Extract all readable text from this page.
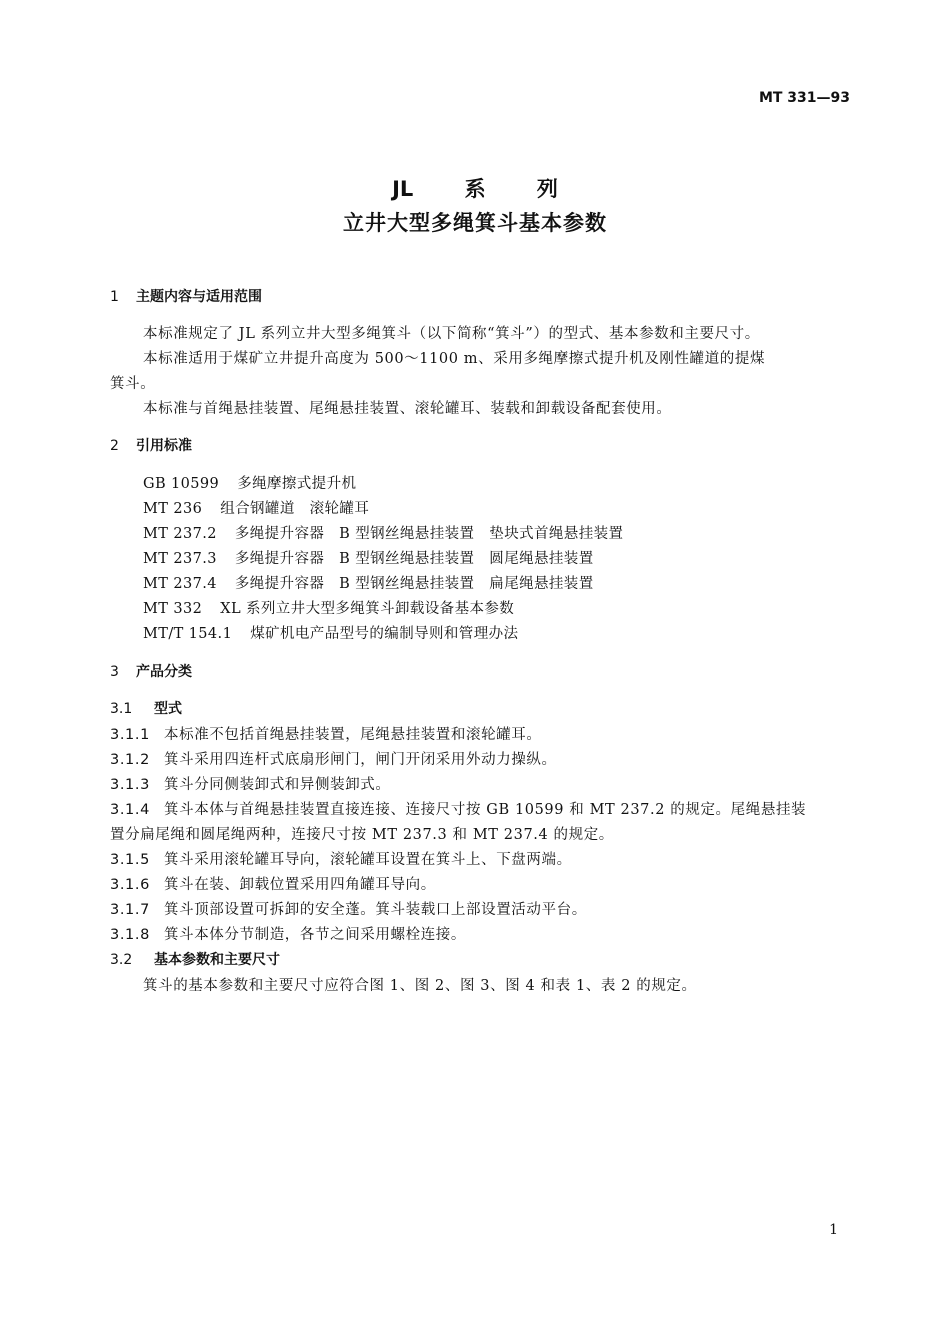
MT 331—93
JL 系 列
立井大型多绳箕斗基本参数
1 主题内容与适用范围
本标准规定了 JL 系列立井大型多绳箕斗（以下简称“箕斗”）的型式、基本参数和主要尺寸。
本标准适用于煤矿立井提升高度为 500～1100 m、采用多绳摩擦式提升机及刚性罐道的提煤
箕斗。
本标准与首绳悬挂装置、尾绳悬挂装置、滚轮罐耳、装载和卸载设备配套使用。
2 引用标准
GB 10599 多绳摩擦式提升机
MT 236 组合钢罐道　滚轮罐耳
MT 237.2 多绳提升容器　B 型钢丝绳悬挂装置　垫块式首绳悬挂装置
MT 237.3 多绳提升容器　B 型钢丝绳悬挂装置　圆尾绳悬挂装置
MT 237.4 多绳提升容器　B 型钢丝绳悬挂装置　扁尾绳悬挂装置
MT 332 XL 系列立井大型多绳箕斗卸载设备基本参数
MT/T 154.1 煤矿机电产品型号的编制导则和管理办法
3 产品分类
3.1 型式
3.1.1 本标准不包括首绳悬挂装置，尾绳悬挂装置和滚轮罐耳。
3.1.2 箕斗采用四连杆式底扇形闸门，闸门开闭采用外动力操纵。
3.1.3 箕斗分同侧装卸式和异侧装卸式。
3.1.4 箕斗本体与首绳悬挂装置直接连接、连接尺寸按 GB 10599 和 MT 237.2 的规定。尾绳悬挂装
置分扁尾绳和圆尾绳两种，连接尺寸按 MT 237.3 和 MT 237.4 的规定。
3.1.5 箕斗采用滚轮罐耳导向，滚轮罐耳设置在箕斗上、下盘两端。
3.1.6 箕斗在装、卸载位置采用四角罐耳导向。
3.1.7 箕斗顶部设置可拆卸的安全蓬。箕斗装载口上部设置活动平台。
3.1.8 箕斗本体分节制造，各节之间采用螺栓连接。
3.2 基本参数和主要尺寸
箕斗的基本参数和主要尺寸应符合图 1、图 2、图 3、图 4 和表 1、表 2 的规定。
1
